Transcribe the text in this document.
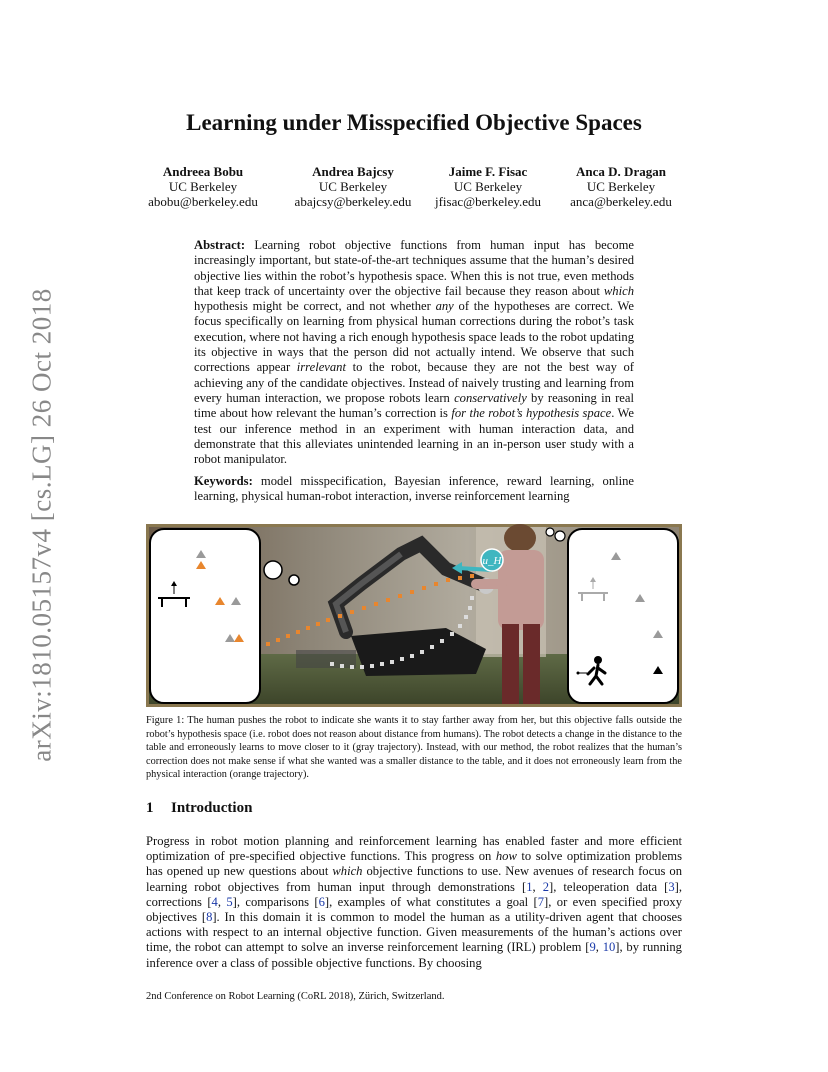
arXiv:1810.05157v4 [cs.LG] 26 Oct 2018
Learning under Misspecified Objective Spaces
Andreea Bobu
UC Berkeley
abobu@berkeley.edu
Andrea Bajcsy
UC Berkeley
abajcsy@berkeley.edu
Jaime F. Fisac
UC Berkeley
jfisac@berkeley.edu
Anca D. Dragan
UC Berkeley
anca@berkeley.edu
Abstract: Learning robot objective functions from human input has become increasingly important, but state-of-the-art techniques assume that the human’s desired objective lies within the robot’s hypothesis space. When this is not true, even methods that keep track of uncertainty over the objective fail because they reason about which hypothesis might be correct, and not whether any of the hypotheses are correct. We focus specifically on learning from physical human corrections during the robot’s task execution, where not having a rich enough hypothesis space leads to the robot updating its objective in ways that the person did not actually intend. We observe that such corrections appear irrelevant to the robot, because they are not the best way of achieving any of the candidate objectives. Instead of naively trusting and learning from every human interaction, we propose robots learn conservatively by reasoning in real time about how relevant the human’s correction is for the robot’s hypothesis space. We test our inference method in an experiment with human interaction data, and demonstrate that this alleviates unintended learning in an in-person user study with a robot manipulator.
Keywords: model misspecification, Bayesian inference, reward learning, online learning, physical human-robot interaction, inverse reinforcement learning
u_H
Figure 1: The human pushes the robot to indicate she wants it to stay farther away from her, but this objective falls outside the robot’s hypothesis space (i.e. robot does not reason about distance from humans). The robot detects a change in the distance to the table and erroneously learns to move closer to it (gray trajectory). Instead, with our method, the robot realizes that the human’s correction does not make sense if what she wanted was a smaller distance to the table, and it does not erroneously learn from the physical interaction (orange trajectory).
1 Introduction
Progress in robot motion planning and reinforcement learning has enabled faster and more efficient optimization of pre-specified objective functions. This progress on how to solve optimization problems has opened up new questions about which objective functions to use. New avenues of research focus on learning robot objectives from human input through demonstrations [1, 2], teleoperation data [3], corrections [4, 5], comparisons [6], examples of what constitutes a goal [7], or even specified proxy objectives [8]. In this domain it is common to model the human as a utility-driven agent that chooses actions with respect to an internal objective function. Given measurements of the human’s actions over time, the robot can attempt to solve an inverse reinforcement learning (IRL) problem [9, 10], by running inference over a class of possible objective functions. By choosing
2nd Conference on Robot Learning (CoRL 2018), Zürich, Switzerland.
